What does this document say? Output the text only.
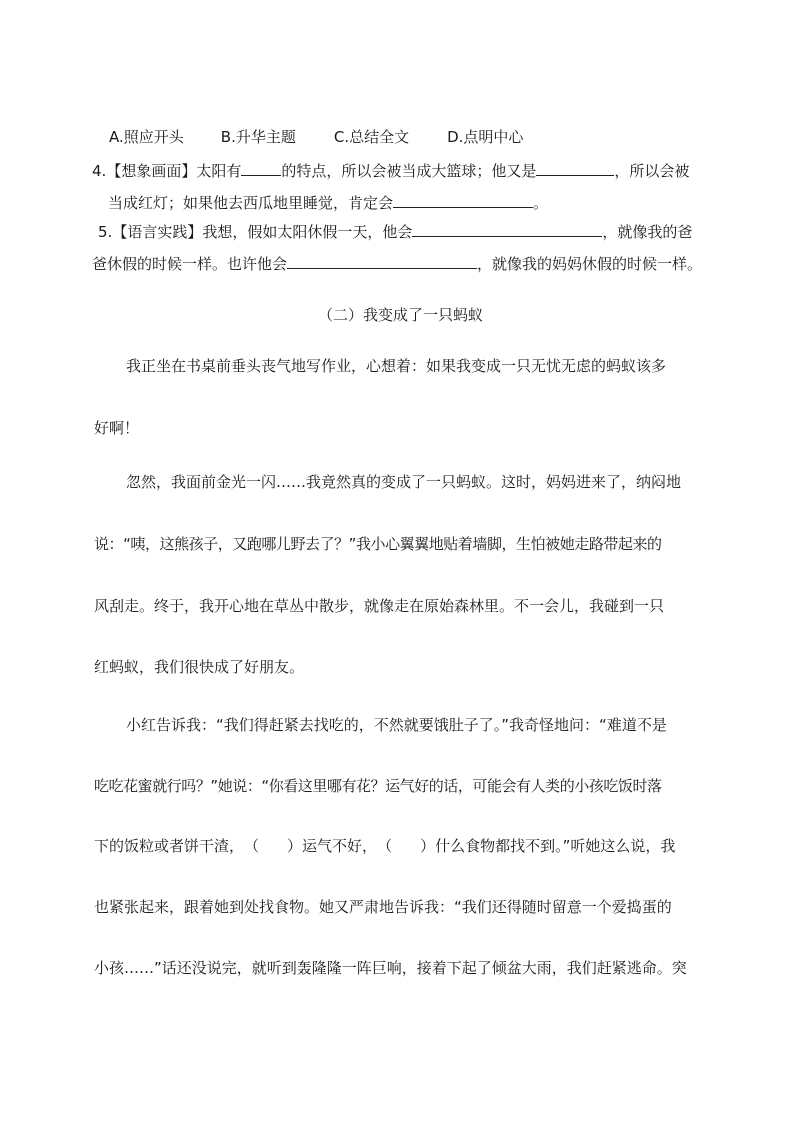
A.照应开头 B.升华主题	C.总结全文	D.点明中心
4.【想象画面】太阳有	的特点，所以会被当成大篮球；他又是	，所以会被
当成红灯；如果他去西瓜地里睡觉，肯定会	。
5.【语言实践】我想，假如太阳休假一天，他会	，就像我的爸
爸休假的时候一样。也许他会	，就像我的妈妈休假的时候一样。
（二）我变成了一只蚂蚁
我正坐在书桌前垂头丧气地写作业，心想着：如果我变成一只无忧无虑的蚂蚁该多
好啊！
忽然，我面前金光一闪……我竟然真的变成了一只蚂蚁。这时，妈妈进来了，纳闷地
说：“咦，这熊孩子，又跑哪儿野去了？”我小心翼翼地贴着墙脚，生怕被她走路带起来的
风刮走。终于，我开心地在草丛中散步，就像走在原始森林里。不一会儿，我碰到一只
红蚂蚁，我们很快成了好朋友。
小红告诉我：“我们得赶紧去找吃的，不然就要饿肚子了。”我奇怪地问：“难道不是
吃吃花蜜就行吗？”她说：“你看这里哪有花？运气好的话，可能会有人类的小孩吃饭时落
下的饭粒或者饼干渣，（ ）运气不好，（ ）什么食物都找不到。”听她这么说，我
也紧张起来，跟着她到处找食物。她又严肃地告诉我：“我们还得随时留意一个爱捣蛋的
小孩……”话还没说完，就听到轰隆隆一阵巨响，接着下起了倾盆大雨，我们赶紧逃命。突
